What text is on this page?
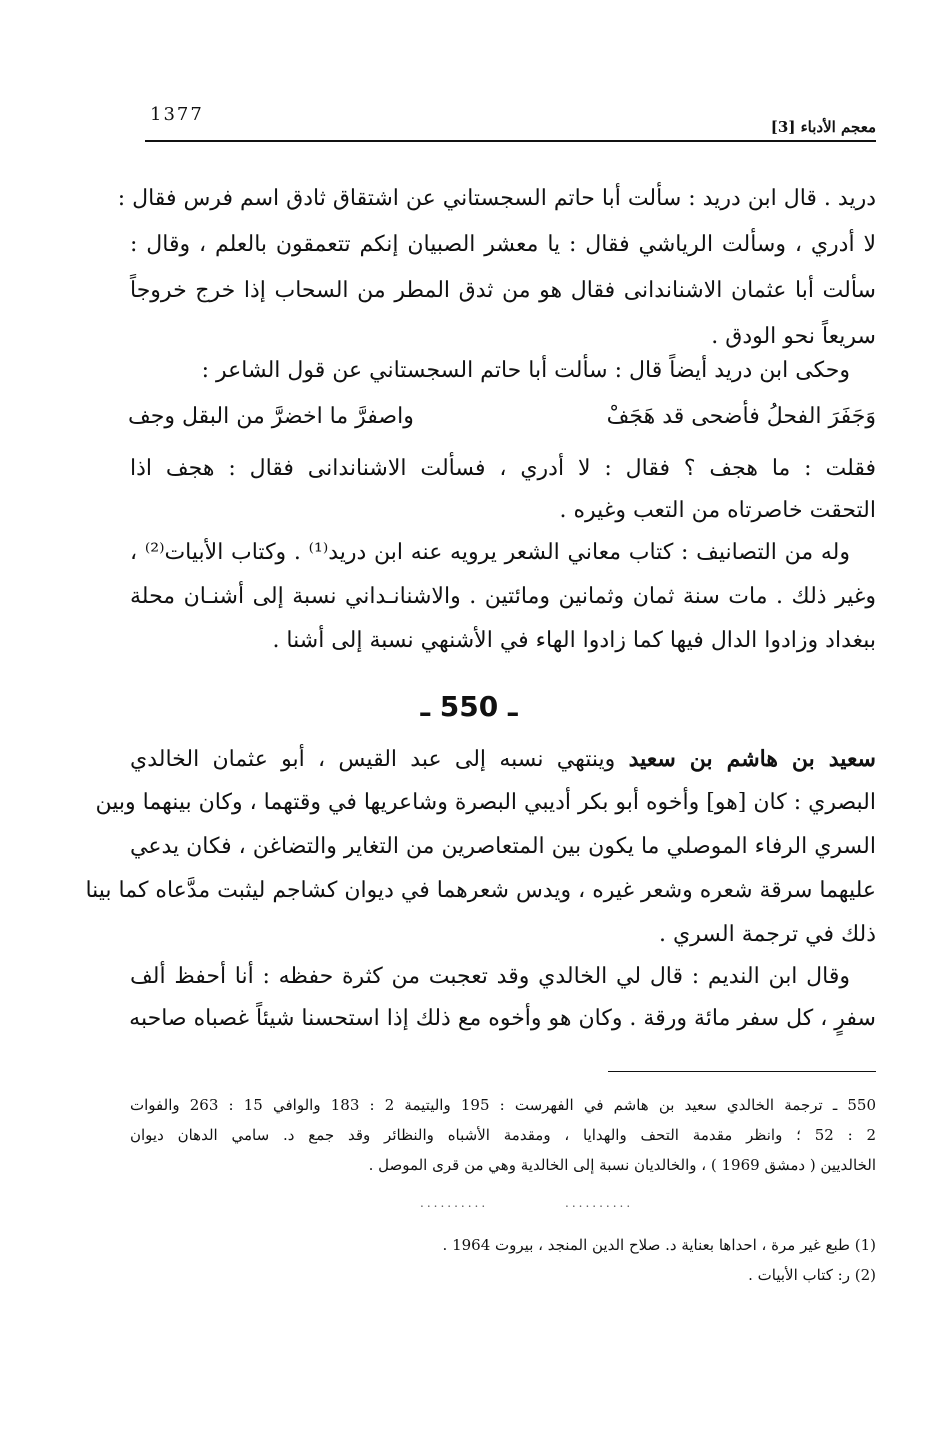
1377
معجم الأدباء [3]
دريد . قال ابن دريد : سألت أبا حاتم السجستاني عن اشتقاق ثادق اسم فرس فقال :
لا أدري ، وسألت الرياشي فقال : يا معشر الصبيان إنكم تتعمقون بالعلم ، وقال :
سألت أبا عثمان الاشناندانى فقال هو من ثدق المطر من السحاب إذا خرج خروجاً
سريعاً نحو الودق .
وحكى ابن دريد أيضاً قال : سألت أبا حاتم السجستاني عن قول الشاعر :
وَجَفَرَ الفحلُ فأضحى قد هَجَفْ
واصفرَّ ما اخضرَّ من البقل وجف
فقلت : ما هجف ؟ فقال : لا أدري ، فسألت الاشناندانى فقال : هجف اذا
التحقت خاصرتاه من التعب وغيره .
وله من التصانيف : كتاب معاني الشعر يرويه عنه ابن دريد⁽¹⁾ . وكتاب الأبيات⁽²⁾ ،
وغير ذلك . مات سنة ثمان وثمانين ومائتين . والاشنانـداني نسبة إلى أشنـان محلة
ببغداد وزادوا الدال فيها كما زادوا الهاء في الأشنهي نسبة إلى أشنا .
ـ 550 ـ
سعيد بن هاشم بن سعيد وينتهي نسبه إلى عبد القيس ، أبو عثمان الخالدي
البصري : كان [هو] وأخوه أبو بكر أديبي البصرة وشاعريها في وقتهما ، وكان بينهما وبين
السري الرفاء الموصلي ما يكون بين المتعاصرين من التغاير والتضاغن ، فكان يدعي
عليهما سرقة شعره وشعر غيره ، ويدس شعرهما في ديوان كشاجم ليثبت مدَّعاه كما بينا
ذلك في ترجمة السري .
وقال ابن النديم : قال لي الخالدي وقد تعجبت من كثرة حفظه : أنا أحفظ ألف
سفرٍ ، كل سفر مائة ورقة . وكان هو وأخوه مع ذلك إذا استحسنا شيئاً غصباه صاحبه
550 ـ ترجمة الخالدي سعيد بن هاشم في الفهرست : 195 واليتيمة 2 : 183 والوافي 15 : 263 والفوات
2 : 52 ؛ وانظر مقدمة التحف والهدايا ، ومقدمة الأشباه والنظائر وقد جمع د. سامي الدهان ديوان
الخالديين ( دمشق 1969 ) ، والخالديان نسبة إلى الخالدية وهي من قرى الموصل .
..........
..........
(1) طبع غير مرة ، احداها بعناية د. صلاح الدين المنجد ، بيروت 1964 .
(2) ر: كتاب الأبيات .
